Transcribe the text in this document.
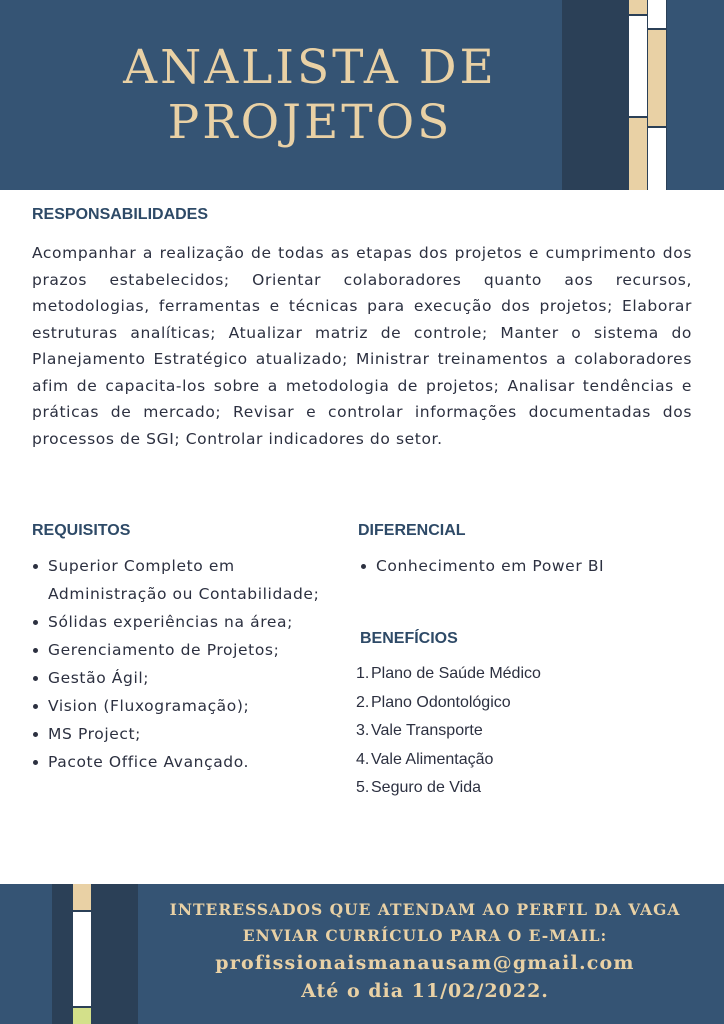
ANALISTA DE
PROJETOS
RESPONSABILIDADES

Acompanhar a realização de todas as etapas dos projetos e cumprimento dos prazos estabelecidos; Orientar colaboradores quanto aos recursos, metodologias, ferramentas e técnicas para execução dos projetos; Elaborar estruturas analíticas; Atualizar matriz de controle; Manter o sistema do Planejamento Estratégico atualizado; Ministrar treinamentos a colaboradores afim de capacita-los sobre a metodologia de projetos; Analisar tendências e práticas de mercado; Revisar e controlar informações documentadas dos processos de SGI; Controlar indicadores do setor.

REQUISITOS
Superior Completo em Administração ou Contabilidade;
Sólidas experiências na área;
Gerenciamento de Projetos;
Gestão Ágil;
Vision (Fluxogramação);
MS Project;
Pacote Office Avançado.
DIFERENCIAL
Conhecimento em Power BI
BENEFÍCIOS
1. Plano de Saúde Médico
2. Plano Odontológico
3. Vale Transporte
4. Vale Alimentação
5. Seguro de Vida

INTERESSADOS QUE ATENDAM AO PERFIL DA VAGA

ENVIAR CURRÍCULO PARA O E-MAIL:

profissionaismanausam@gmail.com

Até o dia 11/02/2022.
